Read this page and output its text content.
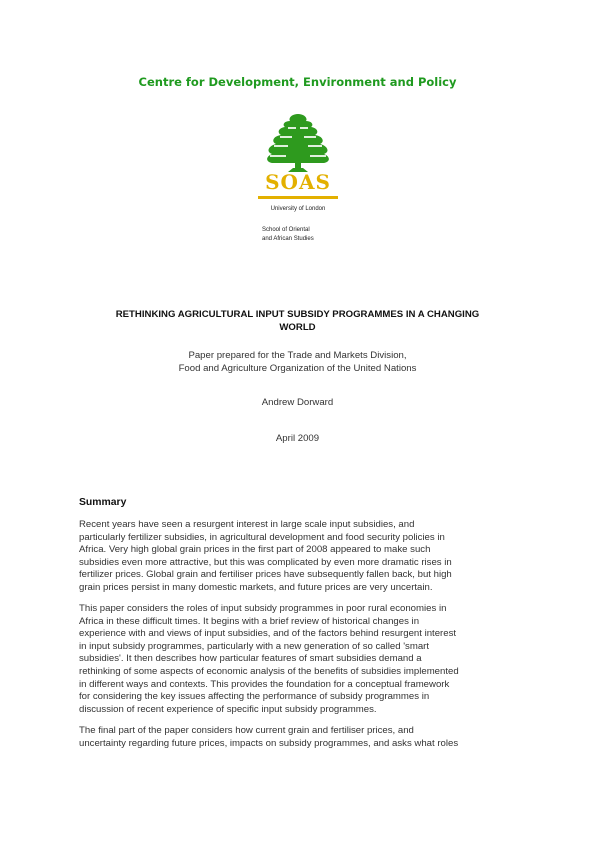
Centre for Development, Environment and Policy
SOAS
University of London
School of Oriental
and African Studies
RETHINKING AGRICULTURAL INPUT SUBSIDY PROGRAMMES IN A CHANGING
WORLD
Paper prepared for the Trade and Markets Division,
Food and Agriculture Organization of the United Nations
Andrew Dorward
April 2009
Summary
Recent years have seen a resurgent interest in large scale input subsidies, and
particularly fertilizer subsidies, in agricultural development and food security policies in
Africa. Very high global grain prices in the first part of 2008 appeared to make such
subsidies even more attractive, but this was complicated by even more dramatic rises in
fertilizer prices. Global grain and fertiliser prices have subsequently fallen back, but high
grain prices persist in many domestic markets, and future prices are very uncertain.
This paper considers the roles of input subsidy programmes in poor rural economies in
Africa in these difficult times. It begins with a brief review of historical changes in
experience with and views of input subsidies, and of the factors behind resurgent interest
in input subsidy programmes, particularly with a new generation of so called 'smart
subsidies'. It then describes how particular features of smart subsidies demand a
rethinking of some aspects of economic analysis of the benefits of subsidies implemented
in different ways and contexts. This provides the foundation for a conceptual framework
for considering the key issues affecting the performance of subsidy programmes in
discussion of recent experience of specific input subsidy programmes.
The final part of the paper considers how current grain and fertiliser prices, and
uncertainty regarding future prices, impacts on subsidy programmes, and asks what roles
